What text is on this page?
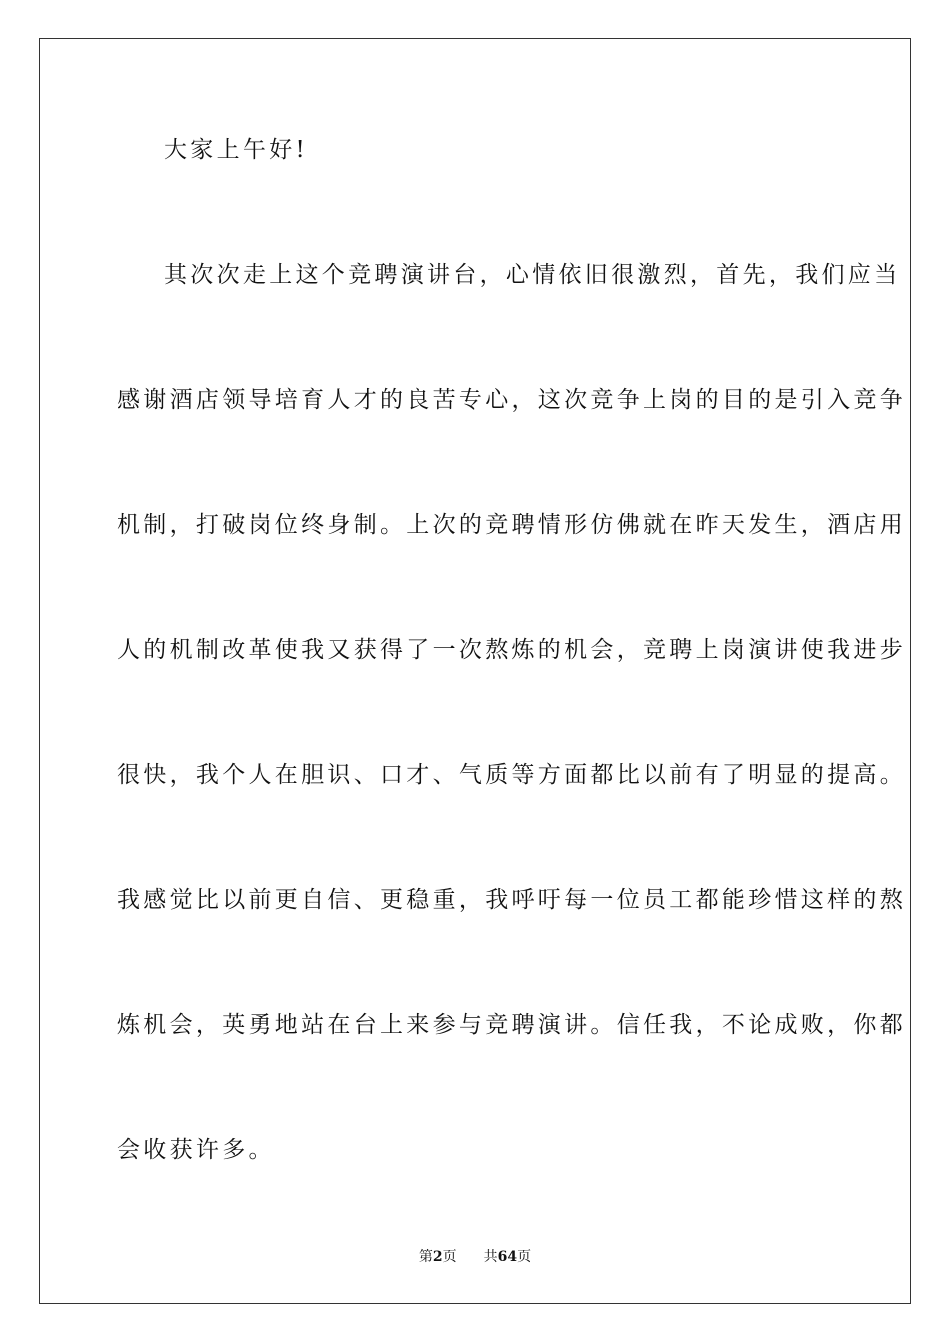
大家上午好!
其次次走上这个竞聘演讲台，心情依旧很激烈，首先，我们应当
感谢酒店领导培育人才的良苦专心，这次竞争上岗的目的是引入竞争
机制，打破岗位终身制。上次的竞聘情形仿佛就在昨天发生，酒店用
人的机制改革使我又获得了一次熬炼的机会，竞聘上岗演讲使我进步
很快，我个人在胆识、口才、气质等方面都比以前有了明显的提高。
我感觉比以前更自信、更稳重，我呼吁每一位员工都能珍惜这样的熬
炼机会，英勇地站在台上来参与竞聘演讲。信任我，不论成败，你都
会收获许多。
第2页 共64页
